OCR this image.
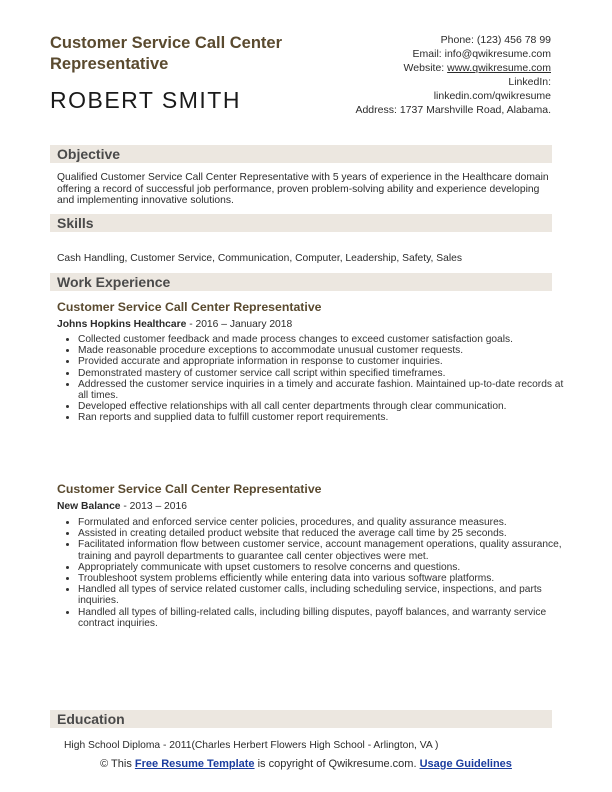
Customer Service Call Center Representative
ROBERT SMITH
Phone: (123) 456 78 99
Email: info@qwikresume.com
Website: www.qwikresume.com
LinkedIn:
linkedin.com/qwikresume
Address: 1737 Marshville Road, Alabama.
Objective
Qualified Customer Service Call Center Representative with 5 years of experience in the Healthcare domain offering a record of successful job performance, proven problem-solving ability and experience developing and implementing innovative solutions.
Skills
Cash Handling, Customer Service, Communication, Computer, Leadership, Safety, Sales
Work Experience
Customer Service Call Center Representative
Johns Hopkins Healthcare - 2016 – January 2018
• Collected customer feedback and made process changes to exceed customer satisfaction goals.
• Made reasonable procedure exceptions to accommodate unusual customer requests.
• Provided accurate and appropriate information in response to customer inquiries.
• Demonstrated mastery of customer service call script within specified timeframes.
• Addressed the customer service inquiries in a timely and accurate fashion. Maintained up-to-date records at all times.
• Developed effective relationships with all call center departments through clear communication.
• Ran reports and supplied data to fulfill customer report requirements.
Customer Service Call Center Representative
New Balance - 2013 – 2016
• Formulated and enforced service center policies, procedures, and quality assurance measures.
• Assisted in creating detailed product website that reduced the average call time by 25 seconds.
• Facilitated information flow between customer service, account management operations, quality assurance, training and payroll departments to guarantee call center objectives were met.
• Appropriately communicate with upset customers to resolve concerns and questions.
• Troubleshoot system problems efficiently while entering data into various software platforms.
• Handled all types of service related customer calls, including scheduling service, inspections, and parts inquiries.
• Handled all types of billing-related calls, including billing disputes, payoff balances, and warranty service contract inquiries.
Education
High School Diploma - 2011(Charles Herbert Flowers High School - Arlington, VA )
© This Free Resume Template is copyright of Qwikresume.com. Usage Guidelines
